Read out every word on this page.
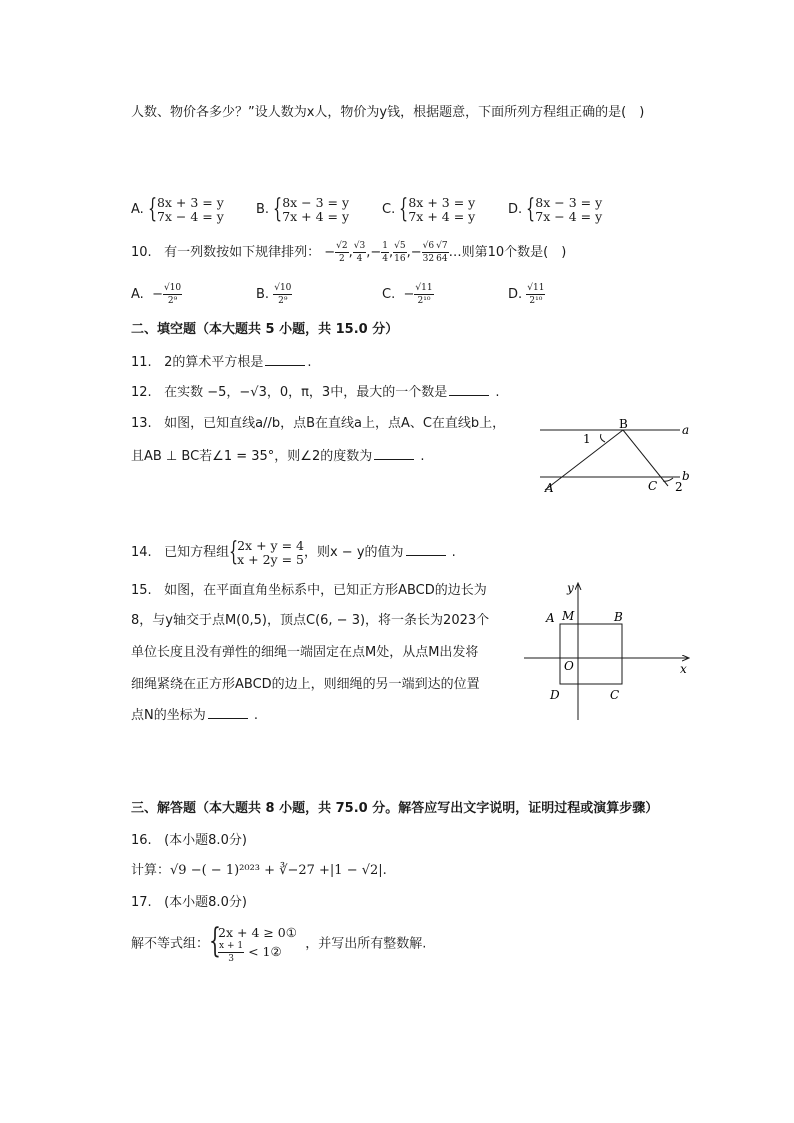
人数、物价各多少？”设人数为x人，物价为y钱，根据题意，下面所列方程组正确的是(　)
A. { 8x + 3 = y
7x − 4 = y B. { 8x − 3 = y
7x + 4 = y	C. { 8x + 3 = y
7x + 4 = y	D. { 8x − 3 = y
7x − 4 = y
10. 有一列数按如下规律排列： − $\frac{√2}{2}$ , $\frac{√3}{4}$ ,− $\frac{1}{4}$ , $\frac{√5}{16}$ ,− $\frac{√6}{32} \frac{√7}{64}$ …则第10个数是(　)
A. − $\frac{√10}{\text{2⁹}}$	B. $\frac{√10}{\text{2⁹}}$	C. − $\frac{√11}{\text{2¹⁰}}$	D. $\frac{√11}{\text{2¹⁰}}$
二、填空题（本大题共 5 小题，共 15.0 分）
11. 2的算术平方根是	.
12. 在实数 −5，−√3，0，π，3中，最大的一个数是	.
13. 如图，已知直线a//b，点B在直线a上，点A、C在直线b上，
且AB ⊥ BC若∠1 = 35°，则∠2的度数为	.
B	a
b
A	C
1
2
14. 已知方程组 {
2x + y = 4
x + 2y = 5 ，则x − y的值为	.
15. 如图，在平面直角坐标系中，已知正方形ABCD的边长为
8，与y轴交于点M(0,5)，顶点C(6, − 3)，将一条长为2023个
单位长度且没有弹性的细绳一端固定在点M处，从点M出发将
细绳紧绕在正方形ABCD的边上，则细绳的另一端到达的位置
点N的坐标为	.
y
x
A M	B
O
D	C
三、解答题（本大题共 8 小题，共 75.0 分。解答应写出文字说明，证明过程或演算步骤）
16. (本小题8.0分)
计算：√9 −( − 1)²⁰²³ + ∛−27 +|1 − √2|.
17. (本小题8.0分)
解不等式组： {
2x + 4 ≥ 0①
$\frac{x + 1}{3}$ < 1②	，并写出所有整数解.
